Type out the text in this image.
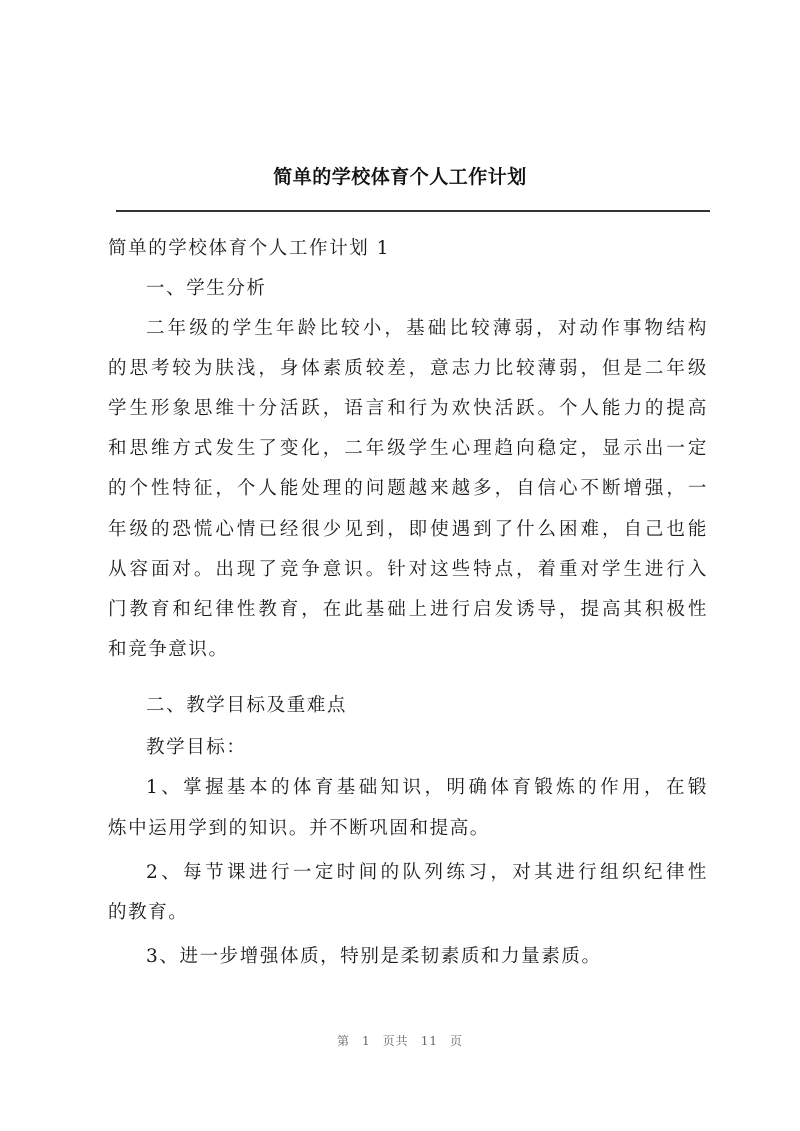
简单的学校体育个人工作计划
简单的学校体育个人工作计划 1
一、学生分析
二年级的学生年龄比较小，基础比较薄弱，对动作事物结构
的思考较为肤浅，身体素质较差，意志力比较薄弱，但是二年级
学生形象思维十分活跃，语言和行为欢快活跃。个人能力的提高
和思维方式发生了变化，二年级学生心理趋向稳定，显示出一定
的个性特征，个人能处理的问题越来越多，自信心不断增强，一
年级的恐慌心情已经很少见到，即使遇到了什么困难，自己也能
从容面对。出现了竞争意识。针对这些特点，着重对学生进行入
门教育和纪律性教育，在此基础上进行启发诱导，提高其积极性
和竞争意识。
二、教学目标及重难点
教学目标：
1、掌握基本的体育基础知识，明确体育锻炼的作用，在锻
炼中运用学到的知识。并不断巩固和提高。
2、每节课进行一定时间的队列练习，对其进行组织纪律性
的教育。
3、进一步增强体质，特别是柔韧素质和力量素质。
第 1 页共 11 页
